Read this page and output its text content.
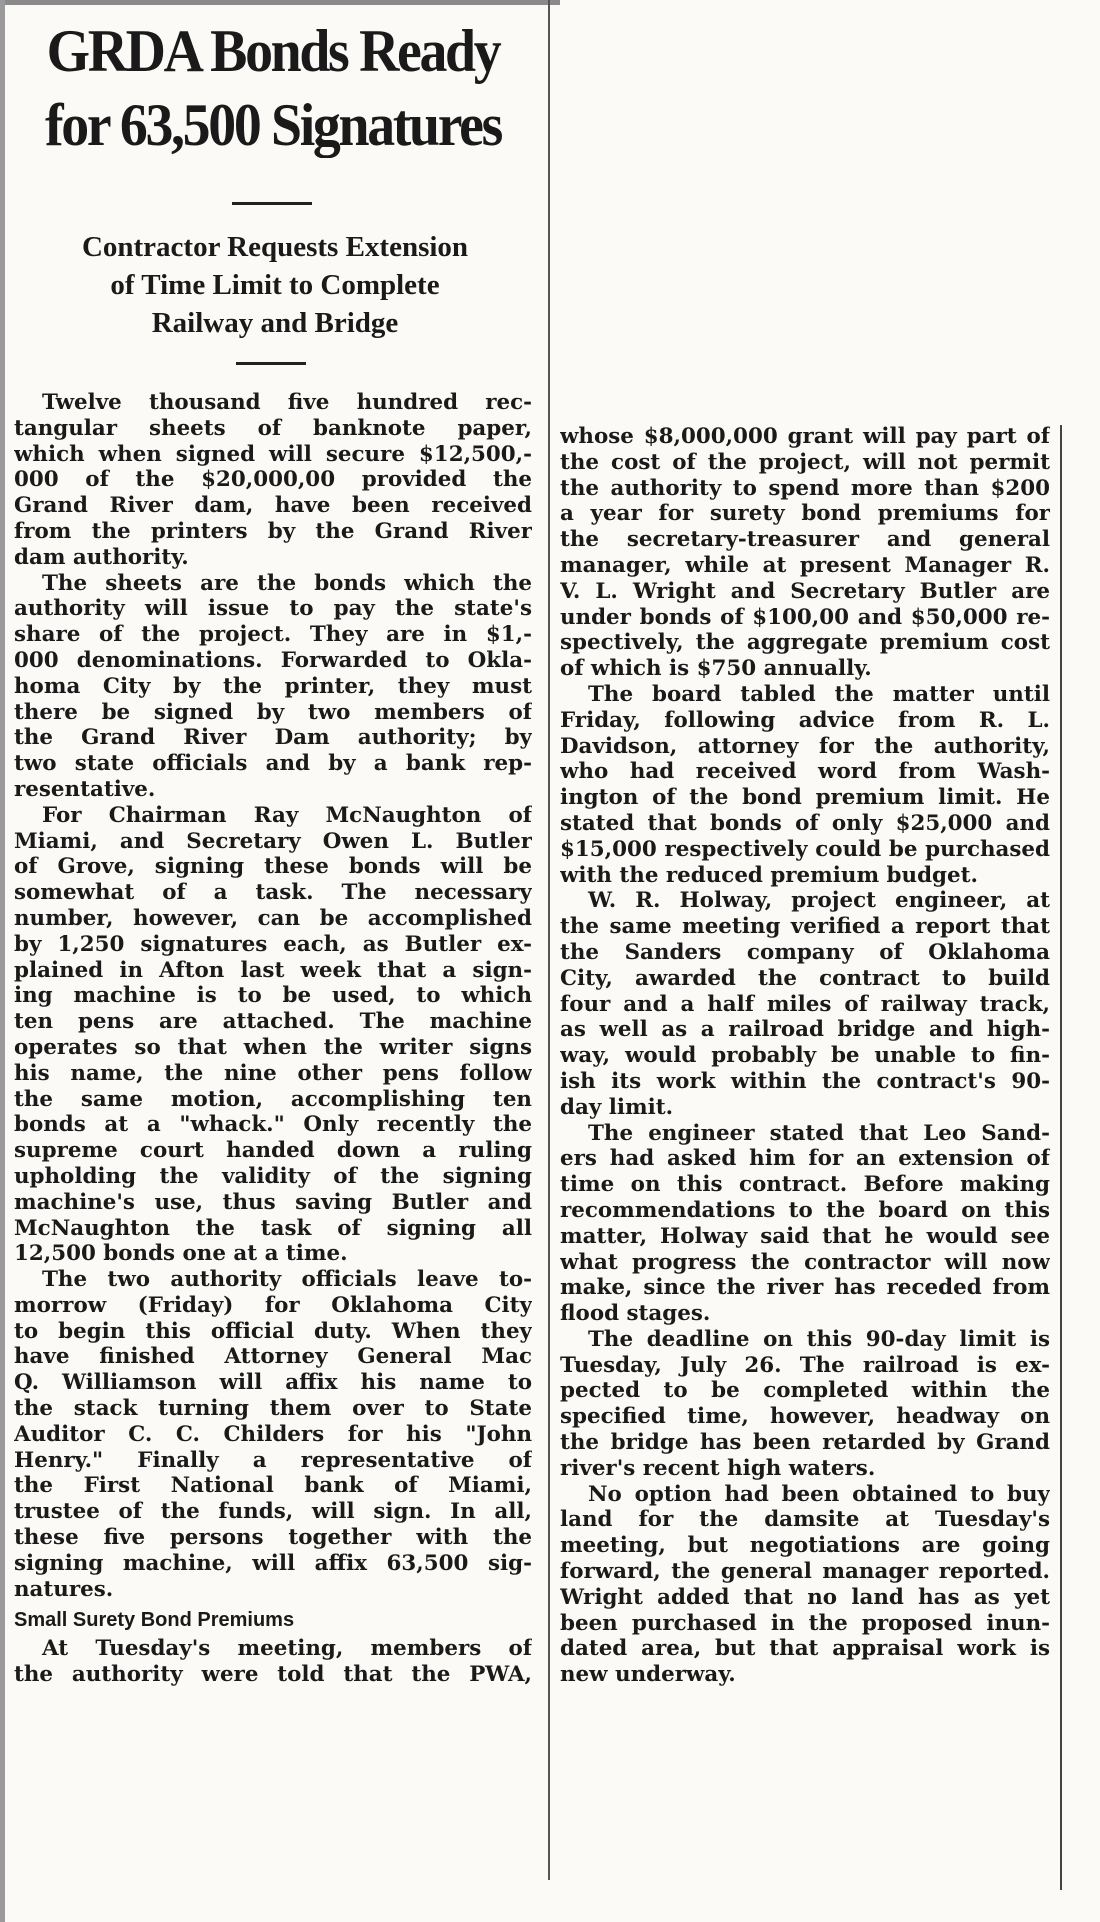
GRDA Bonds Ready
for 63,500 Signatures
Contractor Requests Extension
of Time Limit to Complete
Railway and Bridge
Twelve thousand five hundred rec-
tangular sheets of banknote paper,
which when signed will secure $12,500,-
000 of the $20,000,00 provided the
Grand River dam, have been received
from the printers by the Grand River
dam authority.
The sheets are the bonds which the
authority will issue to pay the state's
share of the project. They are in $1,-
000 denominations. Forwarded to Okla-
homa City by the printer, they must
there be signed by two members of
the Grand River Dam authority; by
two state officials and by a bank rep-
resentative.
For Chairman Ray McNaughton of
Miami, and Secretary Owen L. Butler
of Grove, signing these bonds will be
somewhat of a task. The necessary
number, however, can be accomplished
by 1,250 signatures each, as Butler ex-
plained in Afton last week that a sign-
ing machine is to be used, to which
ten pens are attached. The machine
operates so that when the writer signs
his name, the nine other pens follow
the same motion, accomplishing ten
bonds at a "whack." Only recently the
supreme court handed down a ruling
upholding the validity of the signing
machine's use, thus saving Butler and
McNaughton the task of signing all
12,500 bonds one at a time.
The two authority officials leave to-
morrow (Friday) for Oklahoma City
to begin this official duty. When they
have finished Attorney General Mac
Q. Williamson will affix his name to
the stack turning them over to State
Auditor C. C. Childers for his "John
Henry." Finally a representative of
the First National bank of Miami,
trustee of the funds, will sign. In all,
these five persons together with the
signing machine, will affix 63,500 sig-
natures.
Small Surety Bond Premiums
At Tuesday's meeting, members of
the authority were told that the PWA,
whose $8,000,000 grant will pay part of
the cost of the project, will not permit
the authority to spend more than $200
a year for surety bond premiums for
the secretary-treasurer and general
manager, while at present Manager R.
V. L. Wright and Secretary Butler are
under bonds of $100,00 and $50,000 re-
spectively, the aggregate premium cost
of which is $750 annually.
The board tabled the matter until
Friday, following advice from R. L.
Davidson, attorney for the authority,
who had received word from Wash-
ington of the bond premium limit. He
stated that bonds of only $25,000 and
$15,000 respectively could be purchased
with the reduced premium budget.
W. R. Holway, project engineer, at
the same meeting verified a report that
the Sanders company of Oklahoma
City, awarded the contract to build
four and a half miles of railway track,
as well as a railroad bridge and high-
way, would probably be unable to fin-
ish its work within the contract's 90-
day limit.
The engineer stated that Leo Sand-
ers had asked him for an extension of
time on this contract. Before making
recommendations to the board on this
matter, Holway said that he would see
what progress the contractor will now
make, since the river has receded from
flood stages.
The deadline on this 90-day limit is
Tuesday, July 26. The railroad is ex-
pected to be completed within the
specified time, however, headway on
the bridge has been retarded by Grand
river's recent high waters.
No option had been obtained to buy
land for the damsite at Tuesday's
meeting, but negotiations are going
forward, the general manager reported.
Wright added that no land has as yet
been purchased in the proposed inun-
dated area, but that appraisal work is
new underway.
